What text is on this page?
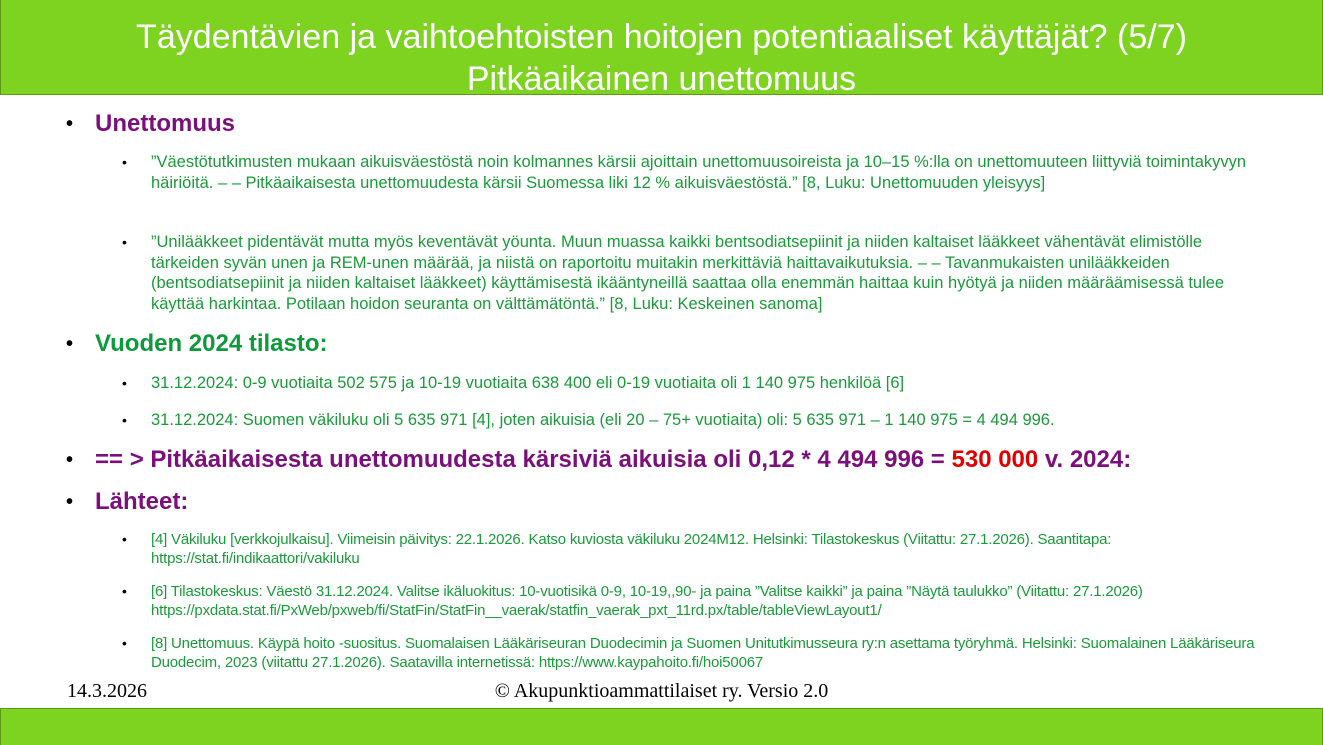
Täydentävien ja vaihtoehtoisten hoitojen potentiaaliset käyttäjät? (5/7)
Pitkäaikainen unettomuus
• Unettomuus
• ”Väestötutkimusten mukaan aikuisväestöstä noin kolmannes kärsii ajoittain unettomuusoireista ja 10–15 %:lla on unettomuuteen liittyviä toimintakyvyn häiriöitä. – – Pitkäaikaisesta unettomuudesta kärsii Suomessa liki 12 % aikuisväestöstä.” [8, Luku: Unettomuuden yleisyys]
• ”Unilääkkeet pidentävät mutta myös keventävät yöunta. Muun muassa kaikki bentsodiatsepiinit ja niiden kaltaiset lääkkeet vähentävät elimistölle tärkeiden syvän unen ja REM-unen määrää, ja niistä on raportoitu muitakin merkittäviä haittavaikutuksia. – – Tavanmukaisten unilääkkeiden (bentsodiatsepiinit ja niiden kaltaiset lääkkeet) käyttämisestä ikääntyneillä saattaa olla enemmän haittaa kuin hyötyä ja niiden määräämisessä tulee käyttää harkintaa. Potilaan hoidon seuranta on välttämätöntä.” [8, Luku: Keskeinen sanoma]
• Vuoden 2024 tilasto:
• 31.12.2024: 0-9 vuotiaita 502 575 ja 10-19 vuotiaita 638 400 eli 0-19 vuotiaita oli 1 140 975 henkilöä [6]
• 31.12.2024: Suomen väkiluku oli 5 635 971 [4], joten aikuisia (eli 20 – 75+ vuotiaita) oli: 5 635 971 – 1 140 975 = 4 494 996.
• == > Pitkäaikaisesta unettomuudesta kärsiviä aikuisia oli 0,12 * 4 494 996 = 530 000 v. 2024:
• Lähteet:
• [4] Väkiluku [verkkojulkaisu]. Viimeisin päivitys: 22.1.2026. Katso kuviosta väkiluku 2024M12. Helsinki: Tilastokeskus (Viitattu: 27.1.2026). Saantitapa: https://stat.fi/indikaattori/vakiluku
• [6] Tilastokeskus: Väestö 31.12.2024. Valitse ikäluokitus: 10-vuotisikä 0-9, 10-19,,90- ja paina ”Valitse kaikki” ja paina ”Näytä taulukko” (Viitattu: 27.1.2026) https://pxdata.stat.fi/PxWeb/pxweb/fi/StatFin/StatFin__vaerak/statfin_vaerak_pxt_11rd.px/table/tableViewLayout1/
• [8] Unettomuus. Käypä hoito -suositus. Suomalaisen Lääkäriseuran Duodecimin ja Suomen Unitutkimusseura ry:n asettama työryhmä. Helsinki: Suomalainen Lääkäriseura Duodecim, 2023 (viitattu 27.1.2026). Saatavilla internetissä: https://www.kaypahoito.fi/hoi50067
© Akupunktioammattilaiset ry. Versio 2.0
14.3.2026
